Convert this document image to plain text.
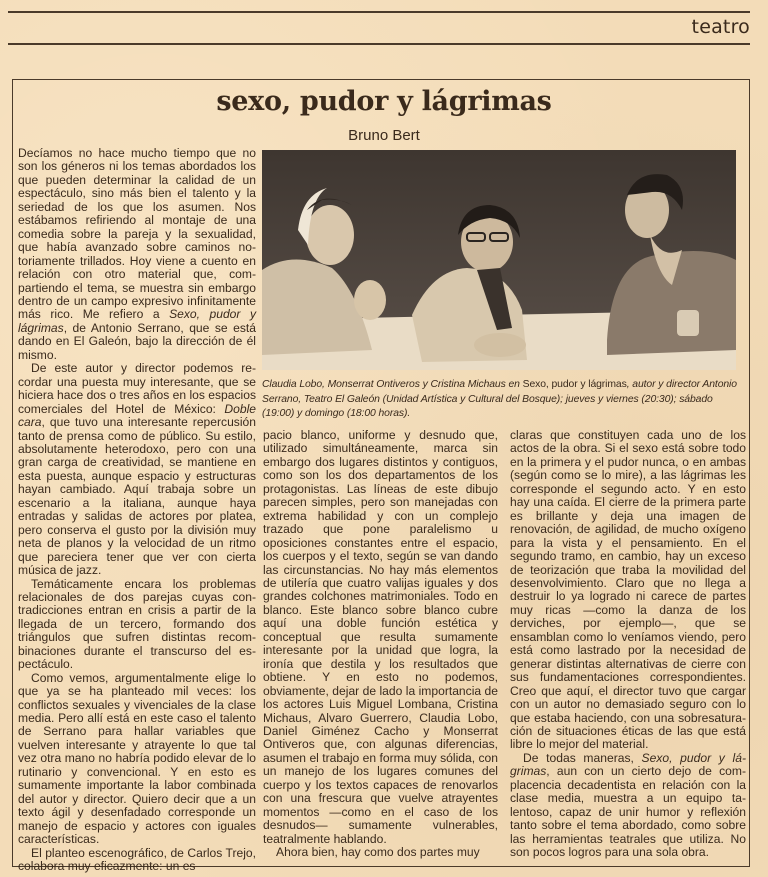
teatro
sexo, pudor y lágrimas
Bruno Bert
Claudia Lobo, Monserrat Ontiveros y Cristina Michaus en Sexo, pudor y lágrimas, autor y director Antonio Serrano, Teatro El Galeón (Unidad Artística y Cultural del Bosque); jueves y viernes (20:30); sábado (19:00) y domingo (18:00 horas).

Decíamos no hace mucho tiempo que no son los géneros ni los temas abordados los que pueden determinar la calidad de un espectáculo, sino más bien el talento y la seriedad de los que los asumen. Nos estábamos refiriendo al montaje de una comedia sobre la pareja y la sexualidad, que había avanzado sobre caminos notoriamente trillados. Hoy viene a cuento en relación con otro material que, compartiendo el tema, se muestra sin embargo dentro de un campo expresivo infinitamente más rico. Me refiero a Sexo, pudor y lágrimas, de Antonio Serrano, que se está dando en El Galeón, bajo la dirección de él mismo.

De este autor y director podemos recordar una puesta muy interesante, que se hiciera hace dos o tres años en los espacios comerciales del Hotel de México: Doble cara, que tuvo una interesante repercusión tanto de prensa como de público. Su estilo, absolutamente heterodoxo, pero con una gran carga de creatividad, se mantiene en esta puesta, aunque espacio y estructuras hayan cambiado. Aquí trabaja sobre un escenario a la italiana, aunque haya entradas y salidas de actores por platea, pero conserva el gusto por la división muy neta de planos y la velocidad de un ritmo que pareciera tener que ver con cierta música de jazz.

Temáticamente encara los problemas relacionales de dos parejas cuyas contradicciones entran en crisis a partir de la llegada de un tercero, formando dos triángulos que sufren distintas recombinaciones durante el transcurso del espectáculo.

Como vemos, argumentalmente elige lo que ya se ha planteado mil veces: los conflictos sexuales y vivenciales de la clase media. Pero allí está en este caso el talento de Serrano para hallar variables que vuelven interesante y atrayente lo que tal vez otra mano no habría podido elevar de lo rutinario y convencional. Y en esto es sumamente importante la labor combinada del autor y director. Quiero decir que a un texto ágil y desenfadado corresponde un manejo de espacio y actores con iguales características.

El planteo escenográfico, de Carlos Trejo, colabora muy eficazmente: un es

pacio blanco, uniforme y desnudo que, utilizado simultáneamente, marca sin embargo dos lugares distintos y contiguos, como son los dos departamentos de los protagonistas. Las líneas de este dibujo parecen simples, pero son manejadas con extrema habilidad y con un complejo trazado que pone paralelismo u oposiciones constantes entre el espacio, los cuerpos y el texto, según se van dando las circunstancias. No hay más elementos de utilería que cuatro valijas iguales y dos grandes colchones matrimoniales. Todo en blanco. Este blanco sobre blanco cubre aquí una doble función estética y conceptual que resulta sumamente interesante por la unidad que logra, la ironía que destila y los resultados que obtiene. Y en esto no podemos, obviamente, dejar de lado la importancia de los actores Luis Miguel Lombana, Cristina Michaus, Alvaro Guerrero, Claudia Lobo, Daniel Giménez Cacho y Monserrat Ontiveros que, con algunas diferencias, asumen el trabajo en forma muy sólida, con un manejo de los lugares comunes del cuerpo y los textos capaces de renovarlos con una frescura que vuelve atrayentes momentos —como en el caso de los desnudos— sumamente vulnerables, teatralmente hablando.

Ahora bien, hay como dos partes muy

claras que constituyen cada uno de los actos de la obra. Si el sexo está sobre todo en la primera y el pudor nunca, o en ambas (según como se lo mire), a las lágrimas les corresponde el segundo acto. Y en esto hay una caída. El cierre de la primera parte es brillante y deja una imagen de renovación, de agilidad, de mucho oxígeno para la vista y el pensamiento. En el segundo tramo, en cambio, hay un exceso de teorización que traba la movilidad del desenvolvimiento. Claro que no llega a destruir lo ya logrado ni carece de partes muy ricas —como la danza de los derviches, por ejemplo—, que se ensamblan como lo veníamos viendo, pero está como lastrado por la necesidad de generar distintas alternativas de cierre con sus fundamentaciones correspondientes. Creo que aquí, el director tuvo que cargar con un autor no demasiado seguro con lo que estaba haciendo, con una sobresaturación de situaciones éticas de las que está libre lo mejor del material.

De todas maneras, Sexo, pudor y lágrimas, aun con un cierto dejo de complacencia decadentista en relación con la clase media, muestra a un equipo talentoso, capaz de unir humor y reflexión tanto sobre el tema abordado, como sobre las herramientas teatrales que utiliza. No son pocos logros para una sola obra.
